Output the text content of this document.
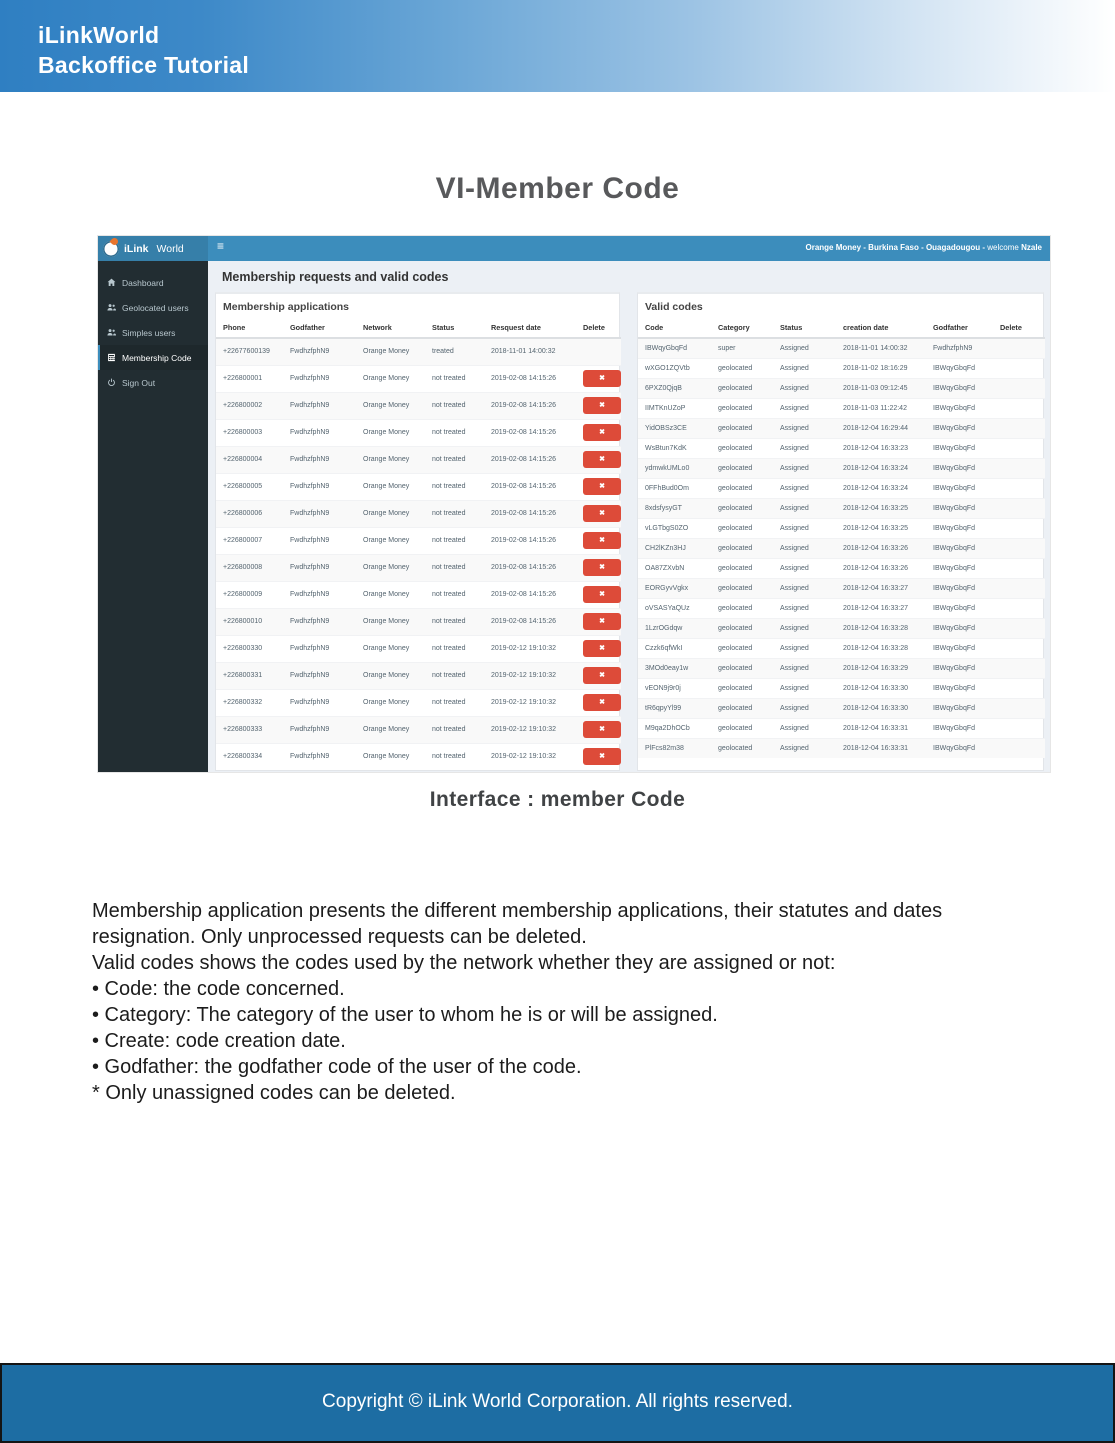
iLinkWorld
Backoffice Tutorial
VI-Member Code
iLink World	≡	Orange Money - Burkina Faso - Ouagadougou - welcome Nzale
Dashboard
Geolocated users
Simples users
Membership Code
Sign Out
Membership requests and valid codes
Membership applications
Phone	Godfather	Network	Status	Resquest date	Delete
+22677600139	FwdhzfphN9	Orange Money	treated	2018-11-01 14:00:32	
+226800001	FwdhzfphN9	Orange Money	not treated	2019-02-08 14:15:26	✖
+226800002	FwdhzfphN9	Orange Money	not treated	2019-02-08 14:15:26	✖
+226800003	FwdhzfphN9	Orange Money	not treated	2019-02-08 14:15:26	✖
+226800004	FwdhzfphN9	Orange Money	not treated	2019-02-08 14:15:26	✖
+226800005	FwdhzfphN9	Orange Money	not treated	2019-02-08 14:15:26	✖
+226800006	FwdhzfphN9	Orange Money	not treated	2019-02-08 14:15:26	✖
+226800007	FwdhzfphN9	Orange Money	not treated	2019-02-08 14:15:26	✖
+226800008	FwdhzfphN9	Orange Money	not treated	2019-02-08 14:15:26	✖
+226800009	FwdhzfphN9	Orange Money	not treated	2019-02-08 14:15:26	✖
+226800010	FwdhzfphN9	Orange Money	not treated	2019-02-08 14:15:26	✖
+226800330	FwdhzfphN9	Orange Money	not treated	2019-02-12 19:10:32	✖
+226800331	FwdhzfphN9	Orange Money	not treated	2019-02-12 19:10:32	✖
+226800332	FwdhzfphN9	Orange Money	not treated	2019-02-12 19:10:32	✖
+226800333	FwdhzfphN9	Orange Money	not treated	2019-02-12 19:10:32	✖
+226800334	FwdhzfphN9	Orange Money	not treated	2019-02-12 19:10:32	✖
Valid codes
Code	Category	Status	creation date	Godfather	Delete
IBWqyGbqFd	super	Assigned	2018-11-01 14:00:32	FwdhzfphN9	
wXGO1ZQVtb	geolocated	Assigned	2018-11-02 18:16:29	IBWqyGbqFd	
6PXZ0QjqB	geolocated	Assigned	2018-11-03 09:12:45	IBWqyGbqFd	
IIMTKnUZoP	geolocated	Assigned	2018-11-03 11:22:42	IBWqyGbqFd	
YidOBSz3CE	geolocated	Assigned	2018-12-04 16:29:44	IBWqyGbqFd	
WsBtun7KdK	geolocated	Assigned	2018-12-04 16:33:23	IBWqyGbqFd	
ydmwkUMLo0	geolocated	Assigned	2018-12-04 16:33:24	IBWqyGbqFd	
0FFhBud0Om	geolocated	Assigned	2018-12-04 16:33:24	IBWqyGbqFd	
8xdsfysyGT	geolocated	Assigned	2018-12-04 16:33:25	IBWqyGbqFd	
vLGTbgS0ZO	geolocated	Assigned	2018-12-04 16:33:25	IBWqyGbqFd	
CH2lKZn3HJ	geolocated	Assigned	2018-12-04 16:33:26	IBWqyGbqFd	
OA87ZXvbN	geolocated	Assigned	2018-12-04 16:33:26	IBWqyGbqFd	
EORGyvVgkx	geolocated	Assigned	2018-12-04 16:33:27	IBWqyGbqFd	
oVSASYaQUz	geolocated	Assigned	2018-12-04 16:33:27	IBWqyGbqFd	
1LzrOGdqw	geolocated	Assigned	2018-12-04 16:33:28	IBWqyGbqFd	
Czzk6qfWkI	geolocated	Assigned	2018-12-04 16:33:28	IBWqyGbqFd	
3MOd0eay1w	geolocated	Assigned	2018-12-04 16:33:29	IBWqyGbqFd	
vEON9j9r0j	geolocated	Assigned	2018-12-04 16:33:30	IBWqyGbqFd	
tR6qpyYl99	geolocated	Assigned	2018-12-04 16:33:30	IBWqyGbqFd	
M9qa2DhOCb	geolocated	Assigned	2018-12-04 16:33:31	IBWqyGbqFd	
PlFcs82m38	geolocated	Assigned	2018-12-04 16:33:31	IBWqyGbqFd	
Interface : member Code
Membership application presents the different membership applications, their statutes and dates
resignation. Only unprocessed requests can be deleted.
Valid codes shows the codes used by the network whether they are assigned or not:
• Code: the code concerned.
• Category: The category of the user to whom he is or will be assigned.
• Create: code creation date.
• Godfather: the godfather code of the user of the code.
* Only unassigned codes can be deleted.
Copyright © iLink World Corporation. All rights reserved.
